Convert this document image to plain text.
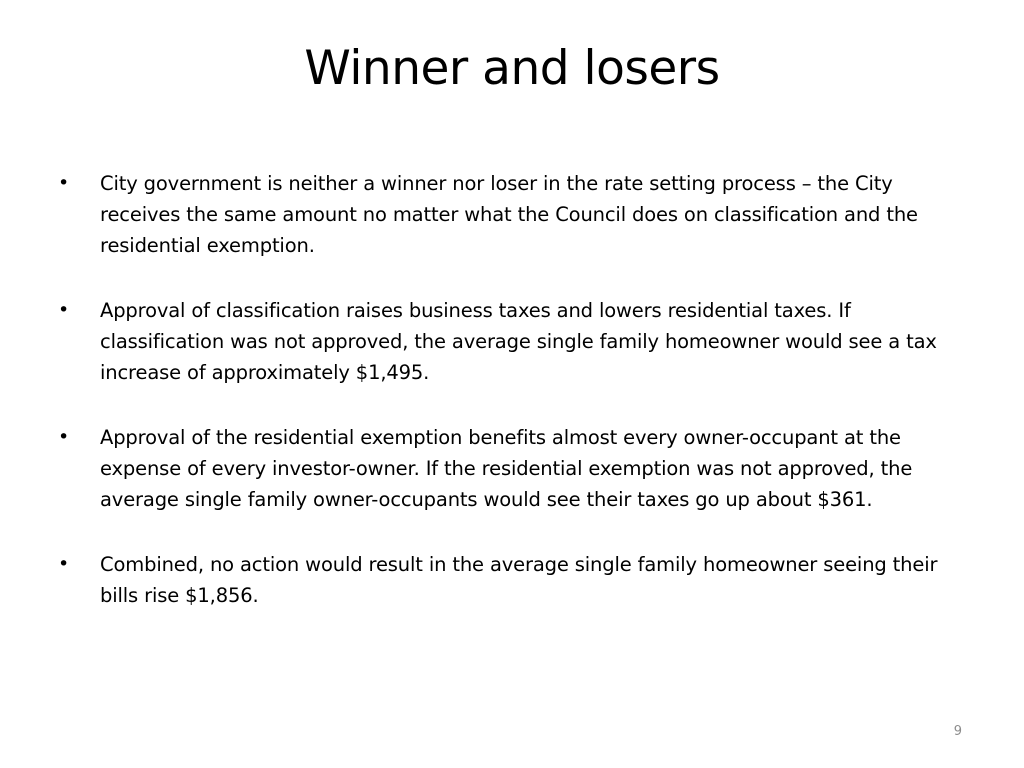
Winner and losers
• City government is neither a winner nor loser in the rate setting process – the City receives the same amount no matter what the Council does on classification and the residential exemption.
• Approval of classification raises business taxes and lowers residential taxes. If classification was not approved, the average single family homeowner would see a tax increase of approximately $1,495.
• Approval of the residential exemption benefits almost every owner-occupant at the expense of every investor-owner. If the residential exemption was not approved, the average single family owner-occupants would see their taxes go up about $361.
• Combined, no action would result in the average single family homeowner seeing their bills rise $1,856.
9
